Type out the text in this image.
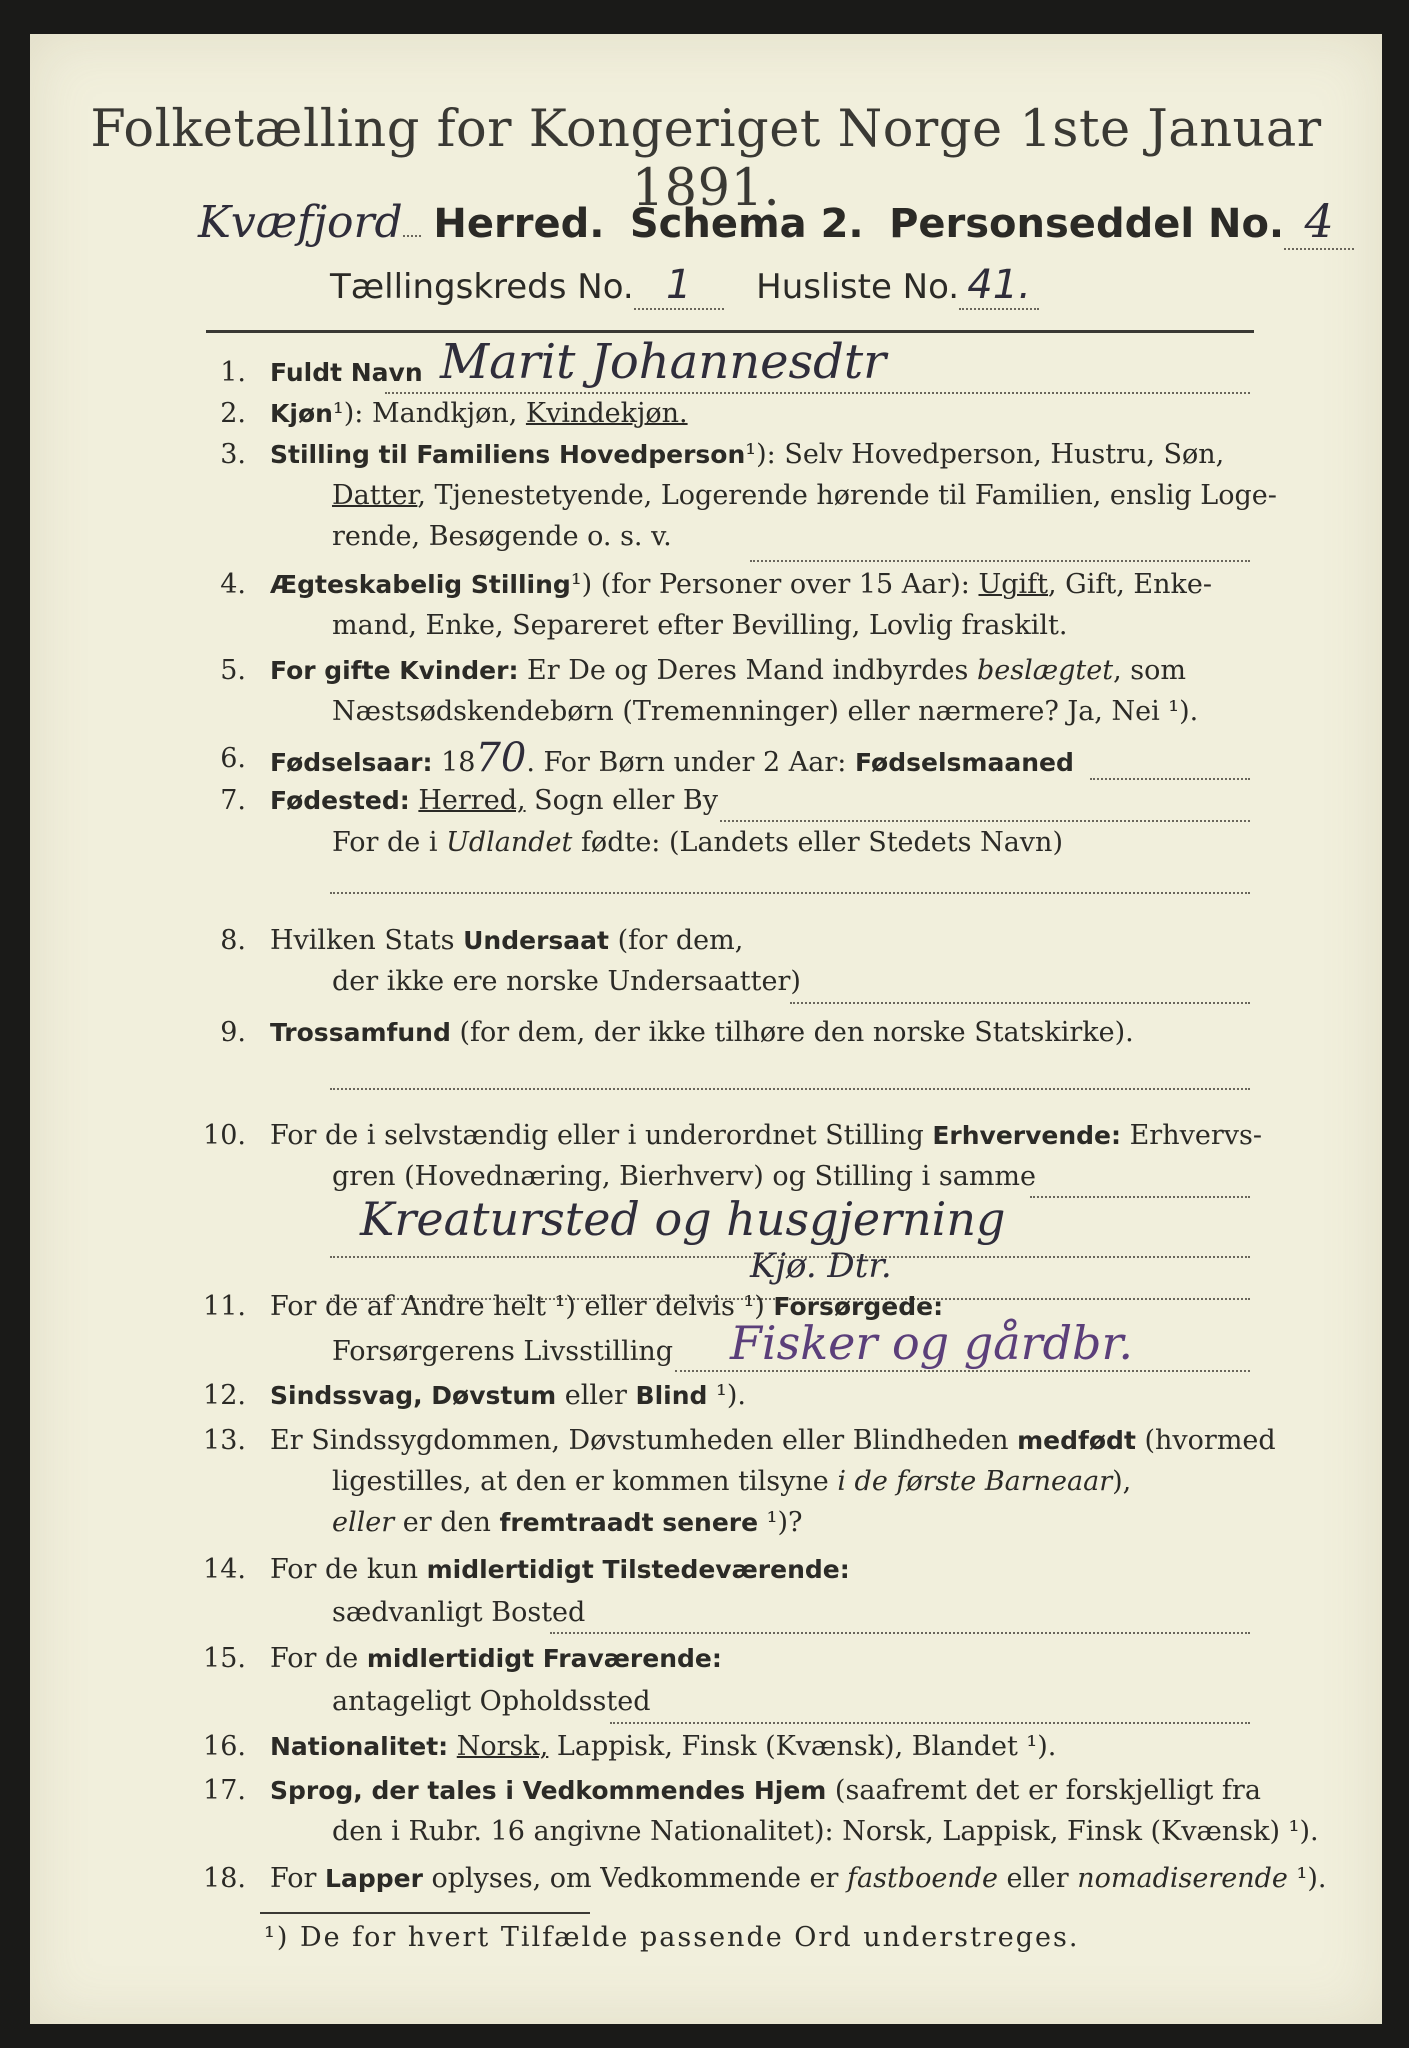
Folketælling for Kongeriget Norge 1ste Januar 1891.
Kvæfjord Herred. Schema 2. Personseddel No. 4
Tællingskreds No. 1 Husliste No. 41.
1. Fuldt Navn Marit Johannesdtr
2. Kjøn¹): Mandkjøn, Kvindekjøn.
3. Stilling til Familiens Hovedperson¹): Selv Hovedperson, Hustru, Søn,
Datter, Tjenestetyende, Logerende hørende til Familien, enslig Loge-
rende, Besøgende o. s. v.
4. Ægteskabelig Stilling¹) (for Personer over 15 Aar): Ugift, Gift, Enke-
mand, Enke, Separeret efter Bevilling, Lovlig fraskilt.
5. For gifte Kvinder: Er De og Deres Mand indbyrdes beslægtet, som
Næstsødskendebørn (Tremenninger) eller nærmere? Ja, Nei ¹).
6. Fødselsaar: 1870. For Børn under 2 Aar: Fødselsmaaned
7. Fødested: Herred, Sogn eller By
For de i Udlandet fødte: (Landets eller Stedets Navn)
8. Hvilken Stats Undersaat (for dem,
der ikke ere norske Undersaatter)
9. Trossamfund (for dem, der ikke tilhøre den norske Statskirke).
10. For de i selvstændig eller i underordnet Stilling Erhvervende: Erhvervs-
gren (Hovednæring, Bierhverv) og Stilling i samme
Kreatursted og husgjerning
Kjø. Dtr.
11. For de af Andre helt ¹) eller delvis ¹) Forsørgede:
Forsørgerens Livsstilling Fisker og gårdbr.
12. Sindssvag, Døvstum eller Blind ¹).
13. Er Sindssygdommen, Døvstumheden eller Blindheden medfødt (hvormed
ligestilles, at den er kommen tilsyne i de første Barneaar),
eller er den fremtraadt senere ¹)?
14. For de kun midlertidigt Tilstedeværende:
sædvanligt Bosted
15. For de midlertidigt Fraværende:
antageligt Opholdssted
16. Nationalitet: Norsk, Lappisk, Finsk (Kvænsk), Blandet ¹).
17. Sprog, der tales i Vedkommendes Hjem (saafremt det er forskjelligt fra
den i Rubr. 16 angivne Nationalitet): Norsk, Lappisk, Finsk (Kvænsk) ¹).
18. For Lapper oplyses, om Vedkommende er fastboende eller nomadiserende ¹).
¹) De for hvert Tilfælde passende Ord understreges.
